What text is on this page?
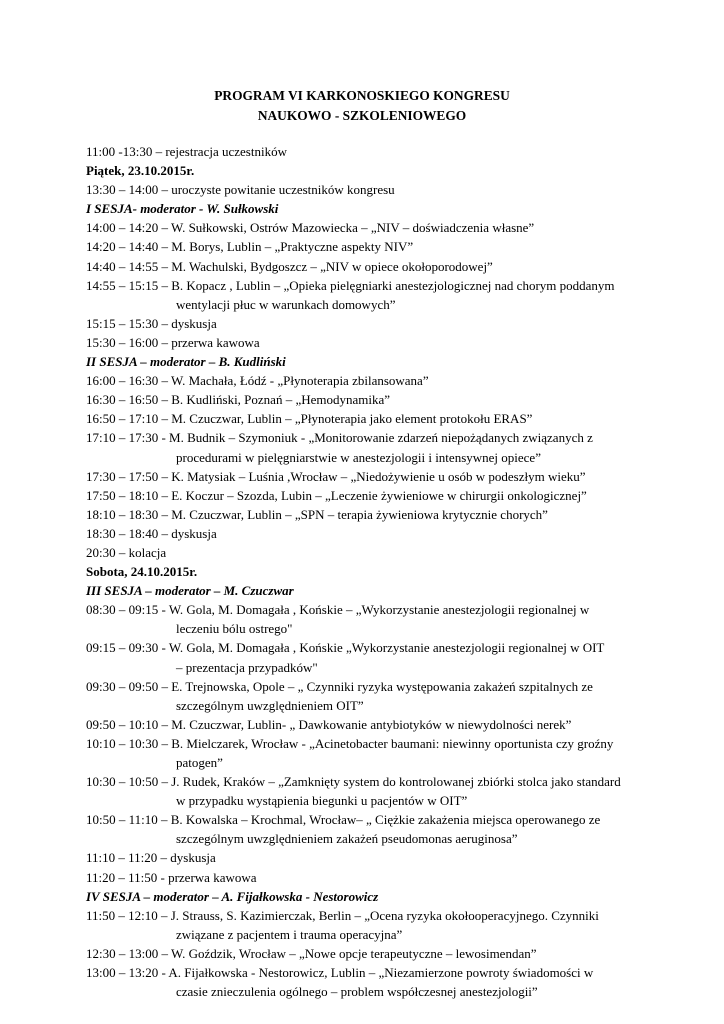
PROGRAM VI KARKONOSKIEGO KONGRESU
NAUKOWO - SZKOLENIOWEGO
11:00 -13:30 – rejestracja uczestników
Piątek, 23.10.2015r.
13:30 – 14:00 – uroczyste powitanie uczestników kongresu
I SESJA- moderator - W. Sułkowski
14:00 – 14:20 – W. Sułkowski, Ostrów Mazowiecka – „NIV – doświadczenia własne”
14:20 – 14:40 – M. Borys, Lublin – „Praktyczne aspekty NIV”
14:40 – 14:55 – M. Wachulski, Bydgoszcz – „NIV w opiece okołoporodowej”
14:55 – 15:15 – B. Kopacz , Lublin – „Opieka pielęgniarki anestezjologicznej nad chorym poddanym
wentylacji płuc w warunkach domowych”
15:15 – 15:30 – dyskusja
15:30 – 16:00 – przerwa kawowa
II SESJA – moderator – B. Kudliński
16:00 – 16:30 – W. Machała, Łódź - „Płynoterapia zbilansowana”
16:30 – 16:50 – B. Kudliński, Poznań – „Hemodynamika”
16:50 – 17:10 – M. Czuczwar, Lublin – „Płynoterapia jako element protokołu ERAS”
17:10 – 17:30 - M. Budnik – Szymoniuk - „Monitorowanie zdarzeń niepożądanych związanych z
procedurami w pielęgniarstwie w anestezjologii i intensywnej opiece”
17:30 – 17:50 – K. Matysiak – Luśnia ,Wrocław – „Niedożywienie u osób w podeszłym wieku”
17:50 – 18:10 – E. Koczur – Szozda, Lubin – „Leczenie żywieniowe w chirurgii onkologicznej”
18:10 – 18:30 – M. Czuczwar, Lublin – „SPN – terapia żywieniowa krytycznie chorych”
18:30 – 18:40 – dyskusja
20:30 – kolacja
Sobota, 24.10.2015r.
III SESJA – moderator – M. Czuczwar
08:30 – 09:15 - W. Gola, M. Domagała , Końskie – „Wykorzystanie anestezjologii regionalnej w
leczeniu bólu ostrego"
09:15 – 09:30 - W. Gola, M. Domagała , Końskie „Wykorzystanie anestezjologii regionalnej w OIT
– prezentacja przypadków"
09:30 – 09:50 – E. Trejnowska, Opole – „ Czynniki ryzyka występowania zakażeń szpitalnych ze
szczególnym uwzględnieniem OIT”
09:50 – 10:10 – M. Czuczwar, Lublin- „ Dawkowanie antybiotyków w niewydolności nerek”
10:10 – 10:30 – B. Mielczarek, Wrocław - „Acinetobacter baumani: niewinny oportunista czy groźny
patogen”
10:30 – 10:50 – J. Rudek, Kraków – „Zamknięty system do kontrolowanej zbiórki stolca jako standard
w przypadku wystąpienia biegunki u pacjentów w OIT”
10:50 – 11:10 – B. Kowalska – Krochmal, Wrocław– „ Ciężkie zakażenia miejsca operowanego ze
szczególnym uwzględnieniem zakażeń pseudomonas aeruginosa”
11:10 – 11:20 – dyskusja
11:20 – 11:50 - przerwa kawowa
IV SESJA – moderator – A. Fijałkowska - Nestorowicz
11:50 – 12:10 – J. Strauss, S. Kazimierczak, Berlin – „Ocena ryzyka okołooperacyjnego. Czynniki
związane z pacjentem i trauma operacyjna”
12:30 – 13:00 – W. Goździk, Wrocław – „Nowe opcje terapeutyczne – lewosimendan”
13:00 – 13:20 - A. Fijałkowska - Nestorowicz, Lublin – „Niezamierzone powroty świadomości w
czasie znieczulenia ogólnego – problem współczesnej anestezjologii”
